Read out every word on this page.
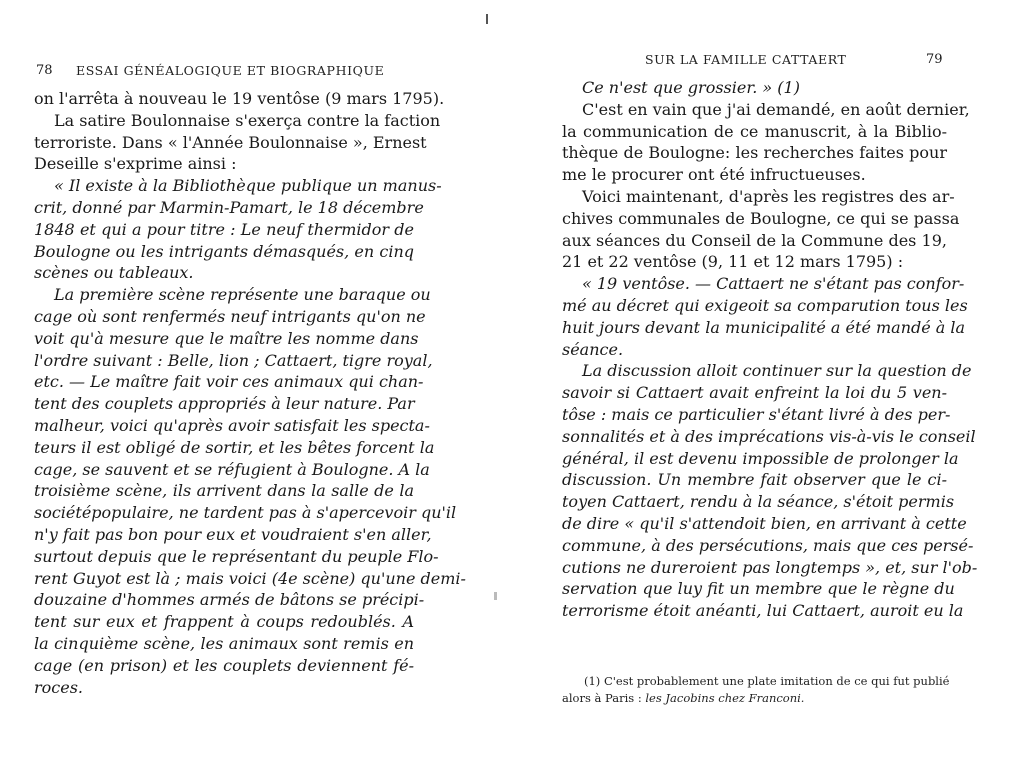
78 ESSAI GÉNÉALOGIQUE ET BIOGRAPHIQUE
on l'arrêta à nouveau le 19 ventôse (9 mars 1795).
La satire Boulonnaise s'exerça contre la faction
terroriste. Dans « l'Année Boulonnaise », Ernest
Deseille s'exprime ainsi :
« Il existe à la Bibliothèque publique un manus-
crit, donné par Marmin-Pamart, le 18 décembre
1848 et qui a pour titre : Le neuf thermidor de
Boulogne ou les intrigants démasqués, en cinq
scènes ou tableaux.
La première scène représente une baraque ou
cage où sont renfermés neuf intrigants qu'on ne
voit qu'à mesure que le maître les nomme dans
l'ordre suivant : Belle, lion ; Cattaert, tigre royal,
etc. — Le maître fait voir ces animaux qui chan-
tent des couplets appropriés à leur nature. Par
malheur, voici qu'après avoir satisfait les specta-
teurs il est obligé de sortir, et les bêtes forcent la
cage, se sauvent et se réfugient à Boulogne. A la
troisième scène, ils arrivent dans la salle de la
sociétépopulaire, ne tardent pas à s'apercevoir qu'il
n'y fait pas bon pour eux et voudraient s'en aller,
surtout depuis que le représentant du peuple Flo-
rent Guyot est là ; mais voici (4e scène) qu'une demi-
douzaine d'hommes armés de bâtons se précipi-
tent sur eux et frappent à coups redoublés. A
la cinquième scène, les animaux sont remis en
cage (en prison) et les couplets deviennent fé-
roces.
SUR LA FAMILLE CATTAERT	79
Ce n'est que grossier. » (1)
C'est en vain que j'ai demandé, en août dernier,
la communication de ce manuscrit, à la Biblio-
thèque de Boulogne: les recherches faites pour
me le procurer ont été infructueuses.
Voici maintenant, d'après les registres des ar-
chives communales de Boulogne, ce qui se passa
aux séances du Conseil de la Commune des 19,
21 et 22 ventôse (9, 11 et 12 mars 1795) :
« 19 ventôse. — Cattaert ne s'étant pas confor-
mé au décret qui exigeoit sa comparution tous les
huit jours devant la municipalité a été mandé à la
séance.
La discussion alloit continuer sur la question de
savoir si Cattaert avait enfreint la loi du 5 ven-
tôse : mais ce particulier s'étant livré à des per-
sonnalités et à des imprécations vis-à-vis le conseil
général, il est devenu impossible de prolonger la
discussion. Un membre fait observer que le ci-
toyen Cattaert, rendu à la séance, s'étoit permis
de dire « qu'il s'attendoit bien, en arrivant à cette
commune, à des persécutions, mais que ces persé-
cutions ne dureroient pas longtemps », et, sur l'ob-
servation que luy fit un membre que le règne du
terrorisme étoit anéanti, lui Cattaert, auroit eu la
(1) C'est probablement une plate imitation de ce qui fut publié
alors à Paris : les Jacobins chez Franconi.
